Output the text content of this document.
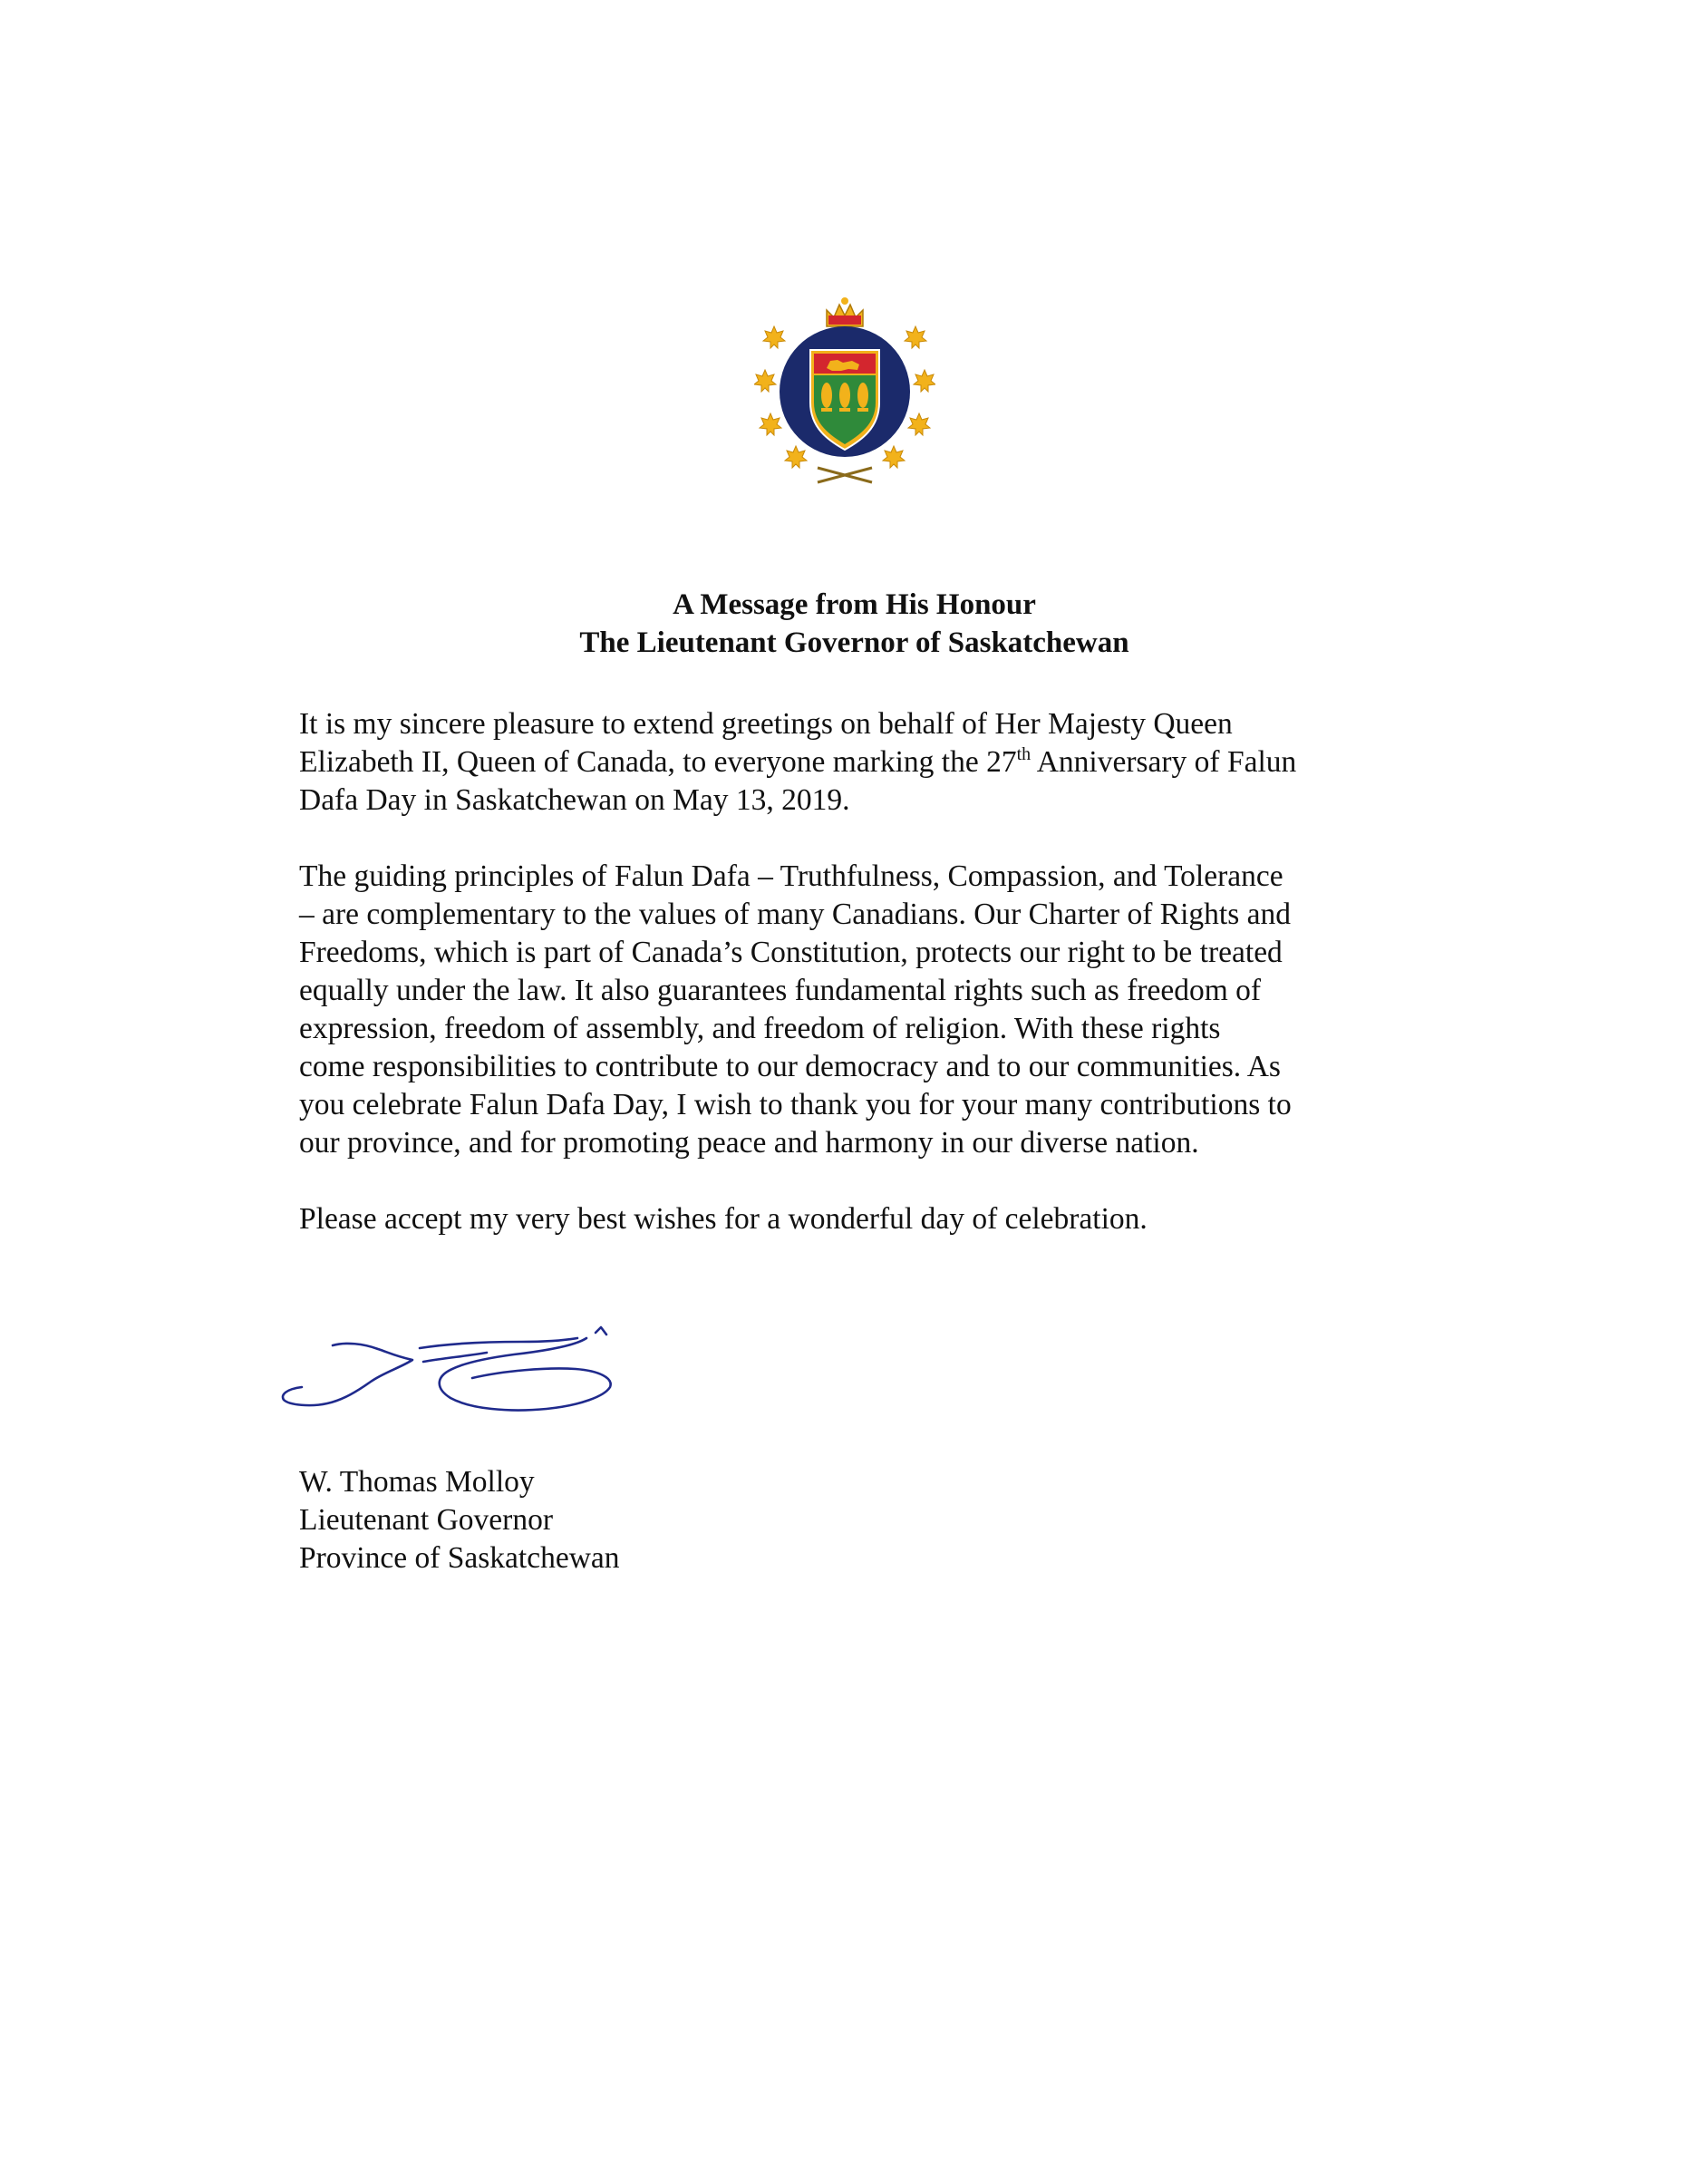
A Message from His Honour
The Lieutenant Governor of Saskatchewan
It is my sincere pleasure to extend greetings on behalf of Her Majesty Queen
Elizabeth II, Queen of Canada, to everyone marking the 27th Anniversary of Falun
Dafa Day in Saskatchewan on May 13, 2019.
The guiding principles of Falun Dafa – Truthfulness, Compassion, and Tolerance
– are complementary to the values of many Canadians. Our Charter of Rights and
Freedoms, which is part of Canada’s Constitution, protects our right to be treated
equally under the law. It also guarantees fundamental rights such as freedom of
expression, freedom of assembly, and freedom of religion. With these rights
come responsibilities to contribute to our democracy and to our communities. As
you celebrate Falun Dafa Day, I wish to thank you for your many contributions to
our province, and for promoting peace and harmony in our diverse nation.
Please accept my very best wishes for a wonderful day of celebration.
W. Thomas Molloy
Lieutenant Governor
Province of Saskatchewan
